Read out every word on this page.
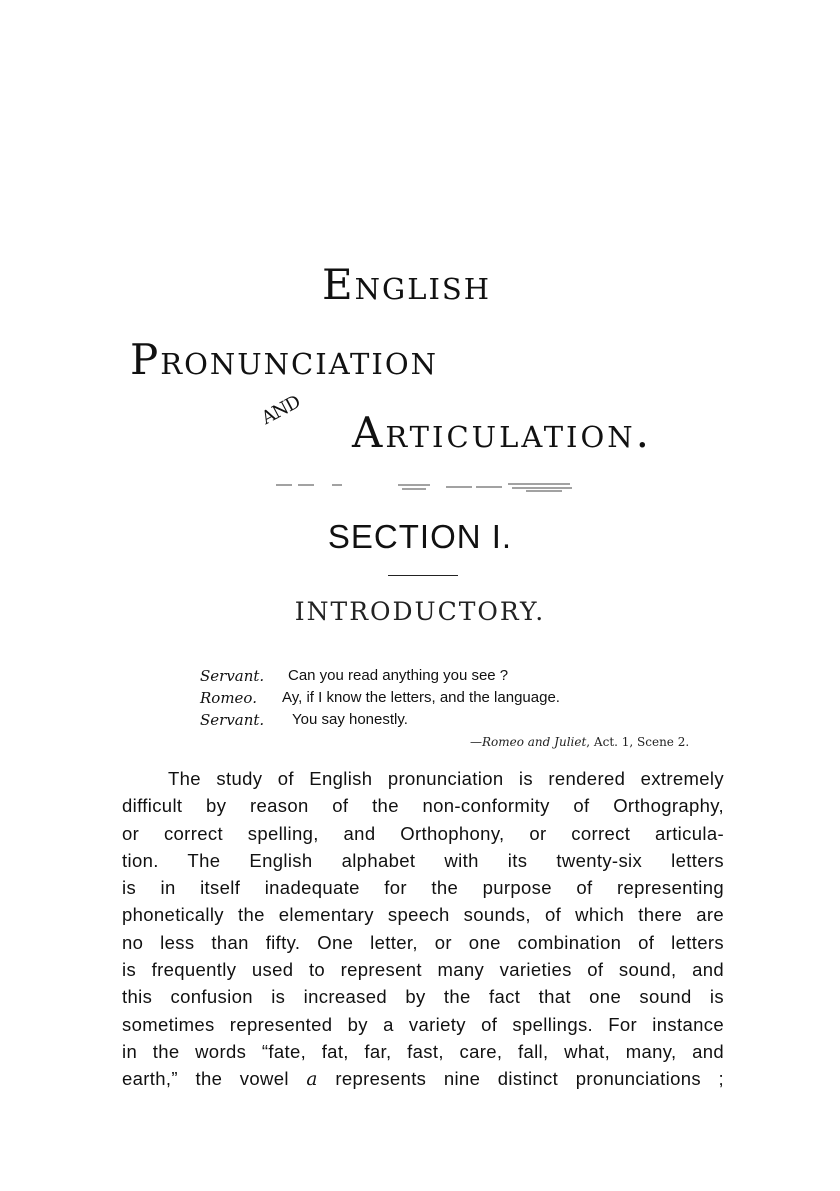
English
Pronunciation
AND Articulation.
SECTION I.
INTRODUCTORY.
Servant. Can you read anything you see ?
Romeo. Ay, if I know the letters, and the language.
Servant. You say honestly.
—Romeo and Juliet, Act. 1, Scene 2.

The study of English pronunciation is rendered extremely
difficult by reason of the non-conformity of Orthography,
or correct spelling, and Orthophony, or correct articula-
tion. The English alphabet with its twenty-six letters
is in itself inadequate for the purpose of representing
phonetically the elementary speech sounds, of which there are
no less than fifty. One letter, or one combination of letters
is frequently used to represent many varieties of sound, and
this confusion is increased by the fact that one sound is
sometimes represented by a variety of spellings. For instance
in the words “fate, fat, far, fast, care, fall, what, many, and
earth,” the vowel a represents nine distinct pronunciations ;
